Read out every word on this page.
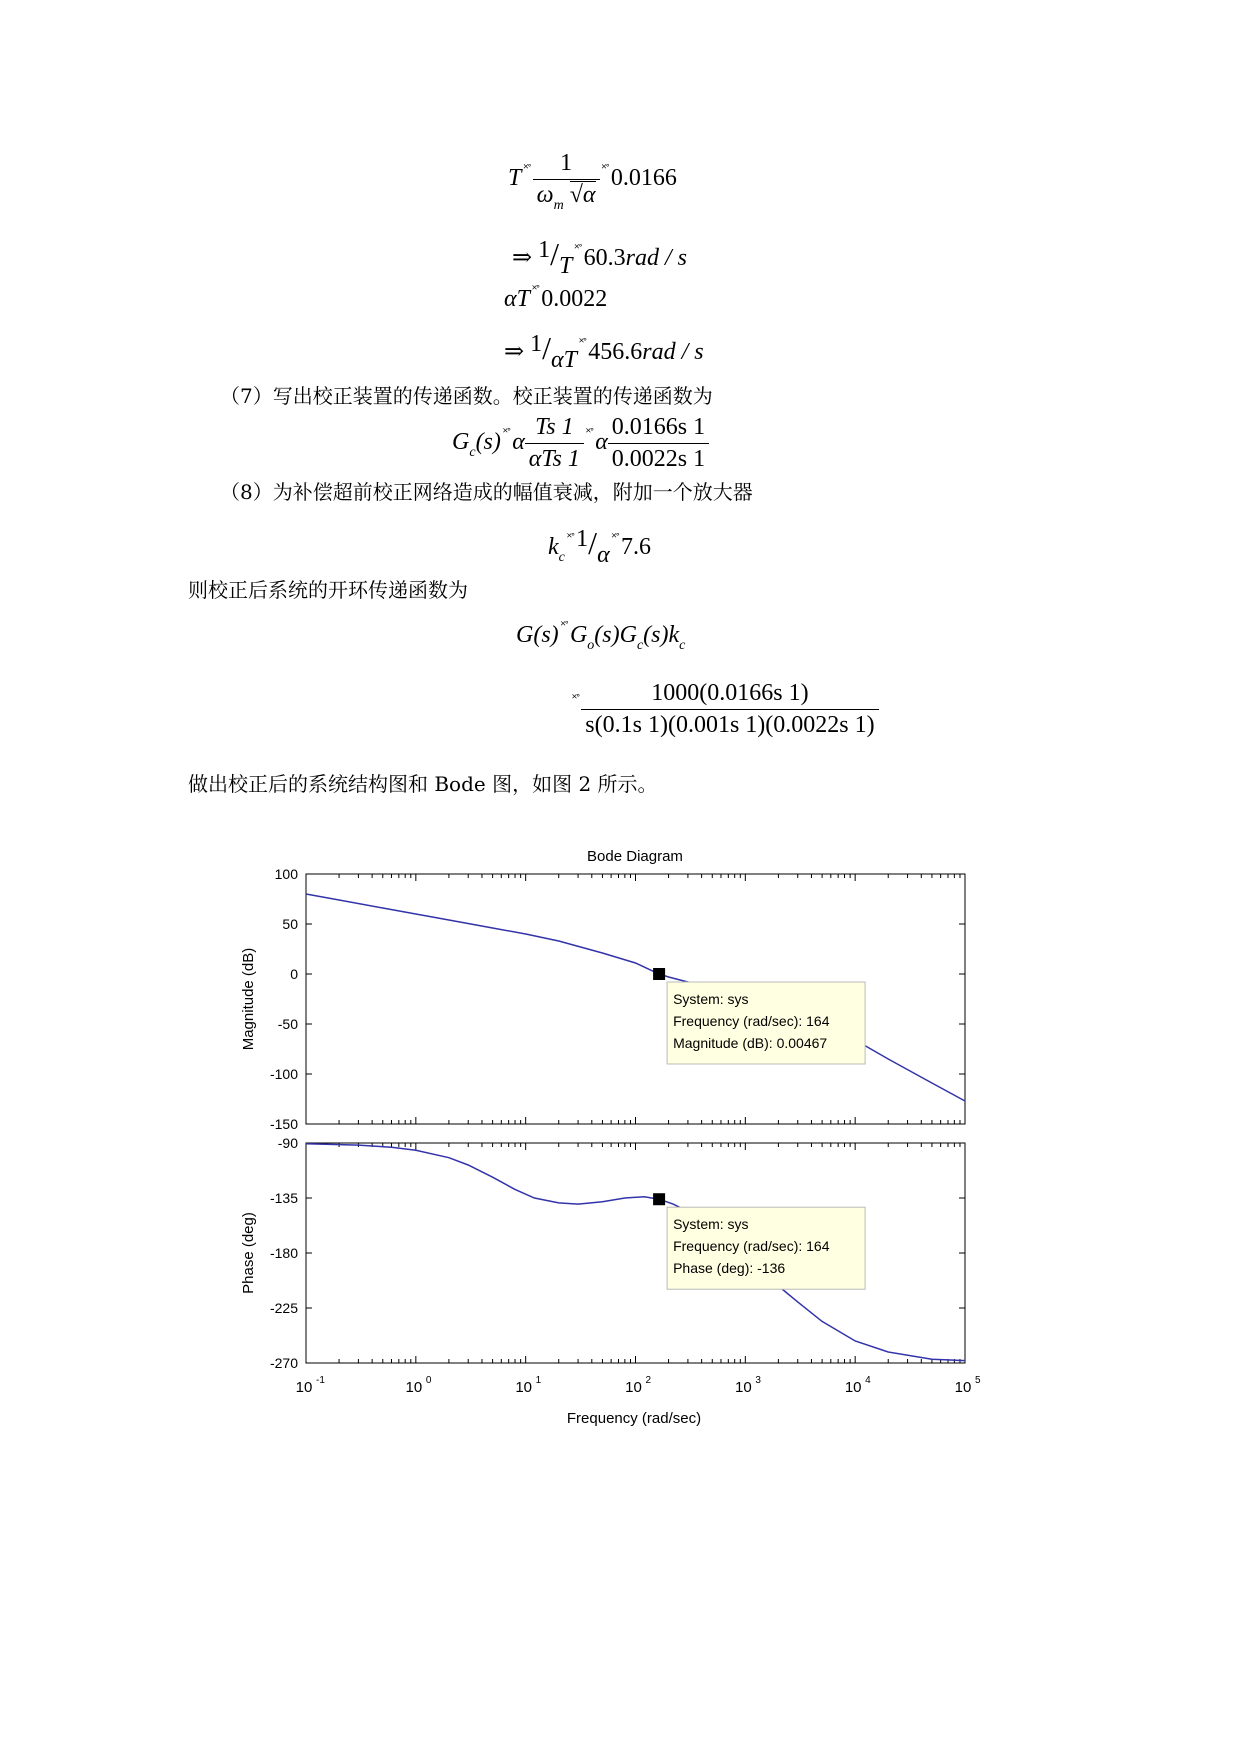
T $^{˟˚} \frac{1}{\omega_m √\alpha} ^{˟˚}0.0166$
⇒ 1/T˟˚60.3rad / s
αT ˟˚0.0022
⇒ 1/αT˟˚456.6rad / s
（7）写出校正装置的传递函数。校正装置的传递函数为
$G_c(s)$ $^{˟˚}\alpha \frac{Ts 1}{\text{αTs 1}} ^{˟˚}\alpha \frac{0.0166s 1}{0.0022s 1}$
（8）为补偿超前校正网络造成的幅值衰减，附加一个放大器
$k_c^{˟˚}1/\alpha^{˟˚}7.6$
则校正后系统的开环传递函数为
G(s) $^{˟˚}G_o(s)G_c(s)k_c$
$^{˟˚} \frac{1000(0.0166s 1)}{s(0.1s 1)(0.001s 1)(0.0022s 1)}$
做出校正后的系统结构图和 Bode 图，如图 2 所示。
Bode Diagram
100
50
0
-50
-100
-150
Magnitude (dB)
-90
-135
-180
-225
-270
Phase (deg)
10 -1	10 0	10 1	10 2	10 3	10 4	10 5
Frequency (rad/sec)
System: sys
Frequency (rad/sec): 164
Magnitude (dB): 0.00467
System: sys
Frequency (rad/sec): 164
Phase (deg): -136
